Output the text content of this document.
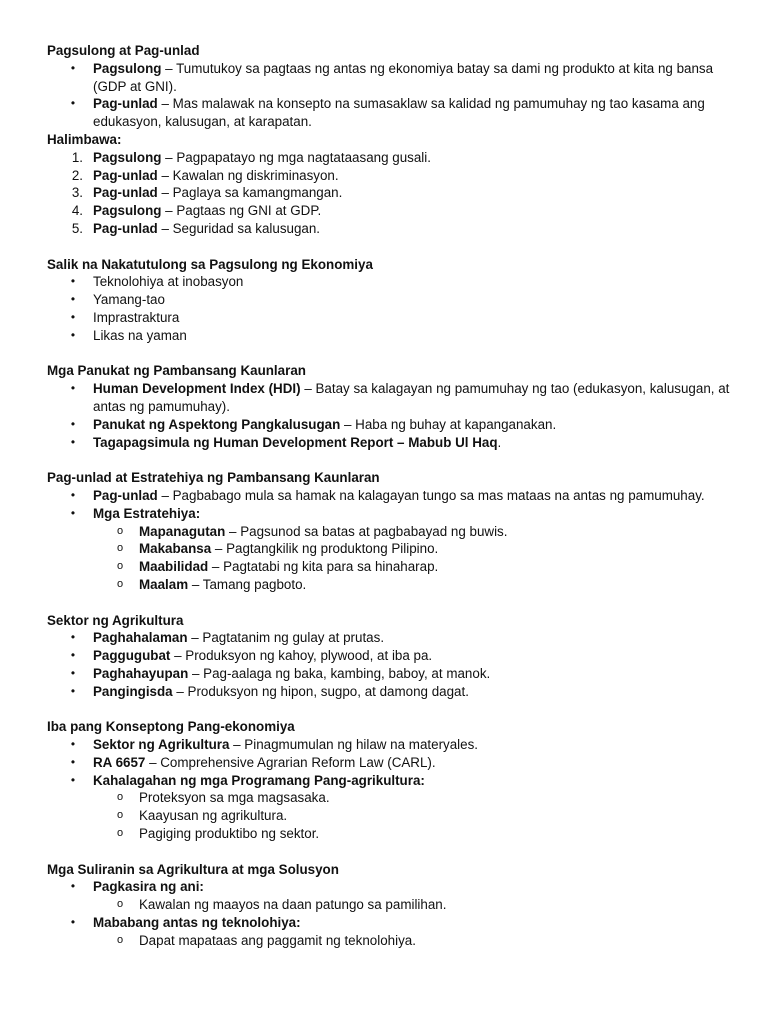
Pagsulong at Pag-unlad
• Pagsulong – Tumutukoy sa pagtaas ng antas ng ekonomiya batay sa dami ng produkto at kita ng bansa (GDP at GNI).
• Pag-unlad – Mas malawak na konsepto na sumasaklaw sa kalidad ng pamumuhay ng tao kasama ang edukasyon, kalusugan, at karapatan.
Halimbawa:
1. Pagsulong – Pagpapatayo ng mga nagtataasang gusali.
2. Pag-unlad – Kawalan ng diskriminasyon.
3. Pag-unlad – Paglaya sa kamangmangan.
4. Pagsulong – Pagtaas ng GNI at GDP.
5. Pag-unlad – Seguridad sa kalusugan.
Salik na Nakatutulong sa Pagsulong ng Ekonomiya
• Teknolohiya at inobasyon
• Yamang-tao
• Imprastraktura
• Likas na yaman
Mga Panukat ng Pambansang Kaunlaran
• Human Development Index (HDI) – Batay sa kalagayan ng pamumuhay ng tao (edukasyon, kalusugan, at antas ng pamumuhay).
• Panukat ng Aspektong Pangkalusugan – Haba ng buhay at kapanganakan.
• Tagapagsimula ng Human Development Report – Mabub Ul Haq.
Pag-unlad at Estratehiya ng Pambansang Kaunlaran
• Pag-unlad – Pagbabago mula sa hamak na kalagayan tungo sa mas mataas na antas ng pamumuhay.
• Mga Estratehiya:
o Mapanagutan – Pagsunod sa batas at pagbabayad ng buwis.
o Makabansa – Pagtangkilik ng produktong Pilipino.
o Maabilidad – Pagtatabi ng kita para sa hinaharap.
o Maalam – Tamang pagboto.
Sektor ng Agrikultura
• Paghahalaman – Pagtatanim ng gulay at prutas.
• Paggugubat – Produksyon ng kahoy, plywood, at iba pa.
• Paghahayupan – Pag-aalaga ng baka, kambing, baboy, at manok.
• Pangingisda – Produksyon ng hipon, sugpo, at damong dagat.
Iba pang Konseptong Pang-ekonomiya
• Sektor ng Agrikultura – Pinagmumulan ng hilaw na materyales.
• RA 6657 – Comprehensive Agrarian Reform Law (CARL).
• Kahalagahan ng mga Programang Pang-agrikultura:
o Proteksyon sa mga magsasaka.
o Kaayusan ng agrikultura.
o Pagiging produktibo ng sektor.
Mga Suliranin sa Agrikultura at mga Solusyon
• Pagkasira ng ani:
o Kawalan ng maayos na daan patungo sa pamilihan.
• Mababang antas ng teknolohiya:
o Dapat mapataas ang paggamit ng teknolohiya.
